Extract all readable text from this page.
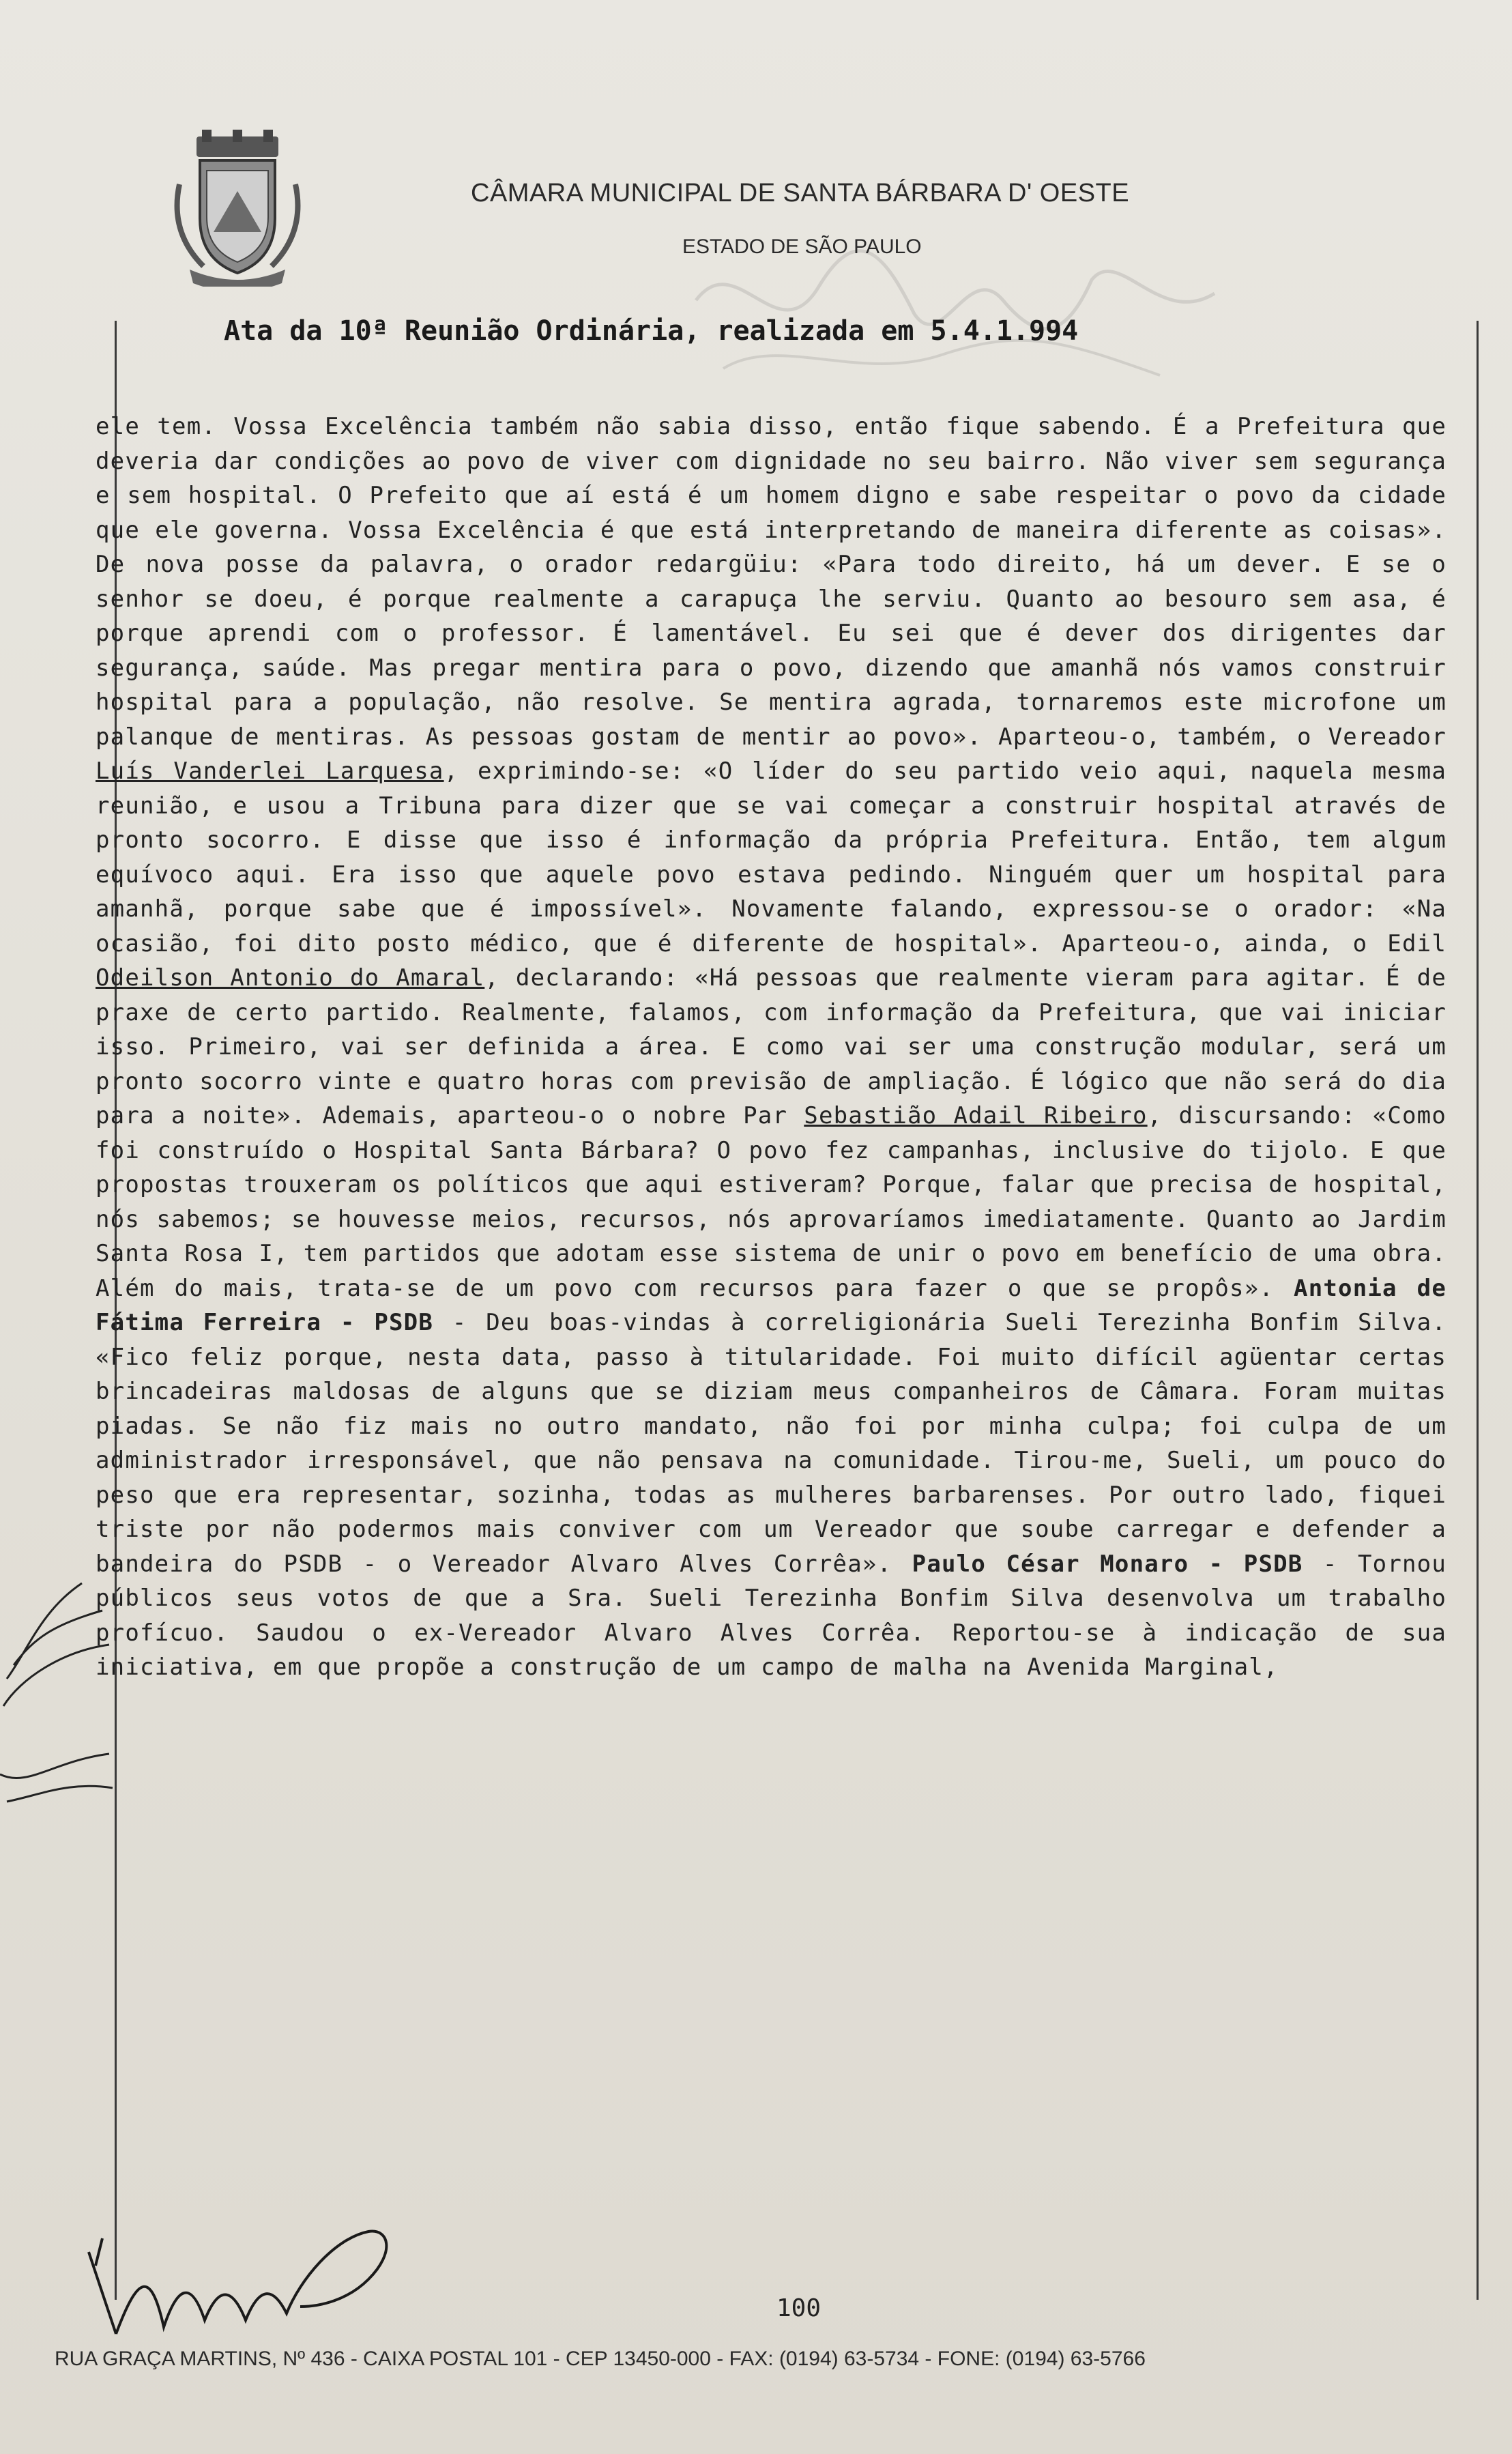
CÂMARA MUNICIPAL DE SANTA BÁRBARA D' OESTE
ESTADO DE SÃO PAULO
Ata da 10ª Reunião Ordinária, realizada em 5.4.1.994
ele tem. Vossa Excelência também não sabia disso, então fique sabendo. É a Prefeitura que deveria dar condições ao povo de viver com dignidade no seu bairro. Não viver sem segurança e sem hospital. O Prefeito que aí está é um homem digno e sabe respeitar o povo da cidade que ele governa. Vossa Excelência é que está interpretando de maneira diferente as coisas». De nova posse da palavra, o orador redargüiu: «Para todo direito, há um dever. E se o senhor se doeu, é porque realmente a carapuça lhe serviu. Quanto ao besouro sem asa, é porque aprendi com o professor. É lamentável. Eu sei que é dever dos dirigentes dar segurança, saúde. Mas pregar mentira para o povo, dizendo que amanhã nós vamos construir hospital para a população, não resolve. Se mentira agrada, tornaremos este microfone um palanque de mentiras. As pessoas gostam de mentir ao povo». Aparteou-o, também, o Vereador Luís Vanderlei Larquesa, exprimindo-se: «O líder do seu partido veio aqui, naquela mesma reunião, e usou a Tribuna para dizer que se vai começar a construir hospital através de pronto socorro. E disse que isso é informação da própria Prefeitura. Então, tem algum equívoco aqui. Era isso que aquele povo estava pedindo. Ninguém quer um hospital para amanhã, porque sabe que é impossível». Novamente falando, expressou-se o orador: «Na ocasião, foi dito posto médico, que é diferente de hospital». Aparteou-o, ainda, o Edil Odeilson Antonio do Amaral, declarando: «Há pessoas que realmente vieram para agitar. É de praxe de certo partido. Realmente, falamos, com informação da Prefeitura, que vai iniciar isso. Primeiro, vai ser definida a área. E como vai ser uma construção modular, será um pronto socorro vinte e quatro horas com previsão de ampliação. É lógico que não será do dia para a noite». Ademais, aparteou-o o nobre Par Sebastião Adail Ribeiro, discursando: «Como foi construído o Hospital Santa Bárbara? O povo fez campanhas, inclusive do tijolo. E que propostas trouxeram os políticos que aqui estiveram? Porque, falar que precisa de hospital, nós sabemos; se houvesse meios, recursos, nós aprovaríamos imediatamente. Quanto ao Jardim Santa Rosa I, tem partidos que adotam esse sistema de unir o povo em benefício de uma obra. Além do mais, trata-se de um povo com recursos para fazer o que se propôs». Antonia de Fátima Ferreira - PSDB - Deu boas-vindas à correligionária Sueli Terezinha Bonfim Silva. «Fico feliz porque, nesta data, passo à titularidade. Foi muito difícil agüentar certas brincadeiras maldosas de alguns que se diziam meus companheiros de Câmara. Foram muitas piadas. Se não fiz mais no outro mandato, não foi por minha culpa; foi culpa de um administrador irresponsável, que não pensava na comunidade. Tirou-me, Sueli, um pouco do peso que era representar, sozinha, todas as mulheres barbarenses. Por outro lado, fiquei triste por não podermos mais conviver com um Vereador que soube carregar e defender a bandeira do PSDB - o Vereador Alvaro Alves Corrêa». Paulo César Monaro - PSDB - Tornou públicos seus votos de que a Sra. Sueli Terezinha Bonfim Silva desenvolva um trabalho profícuo. Saudou o ex-Vereador Alvaro Alves Corrêa. Reportou-se à indicação de sua iniciativa, em que propõe a construção de um campo de malha na Avenida Marginal,
100
RUA GRAÇA MARTINS, Nº 436 - CAIXA POSTAL 101 - CEP 13450-000 - FAX: (0194) 63-5734 - FONE: (0194) 63-5766
